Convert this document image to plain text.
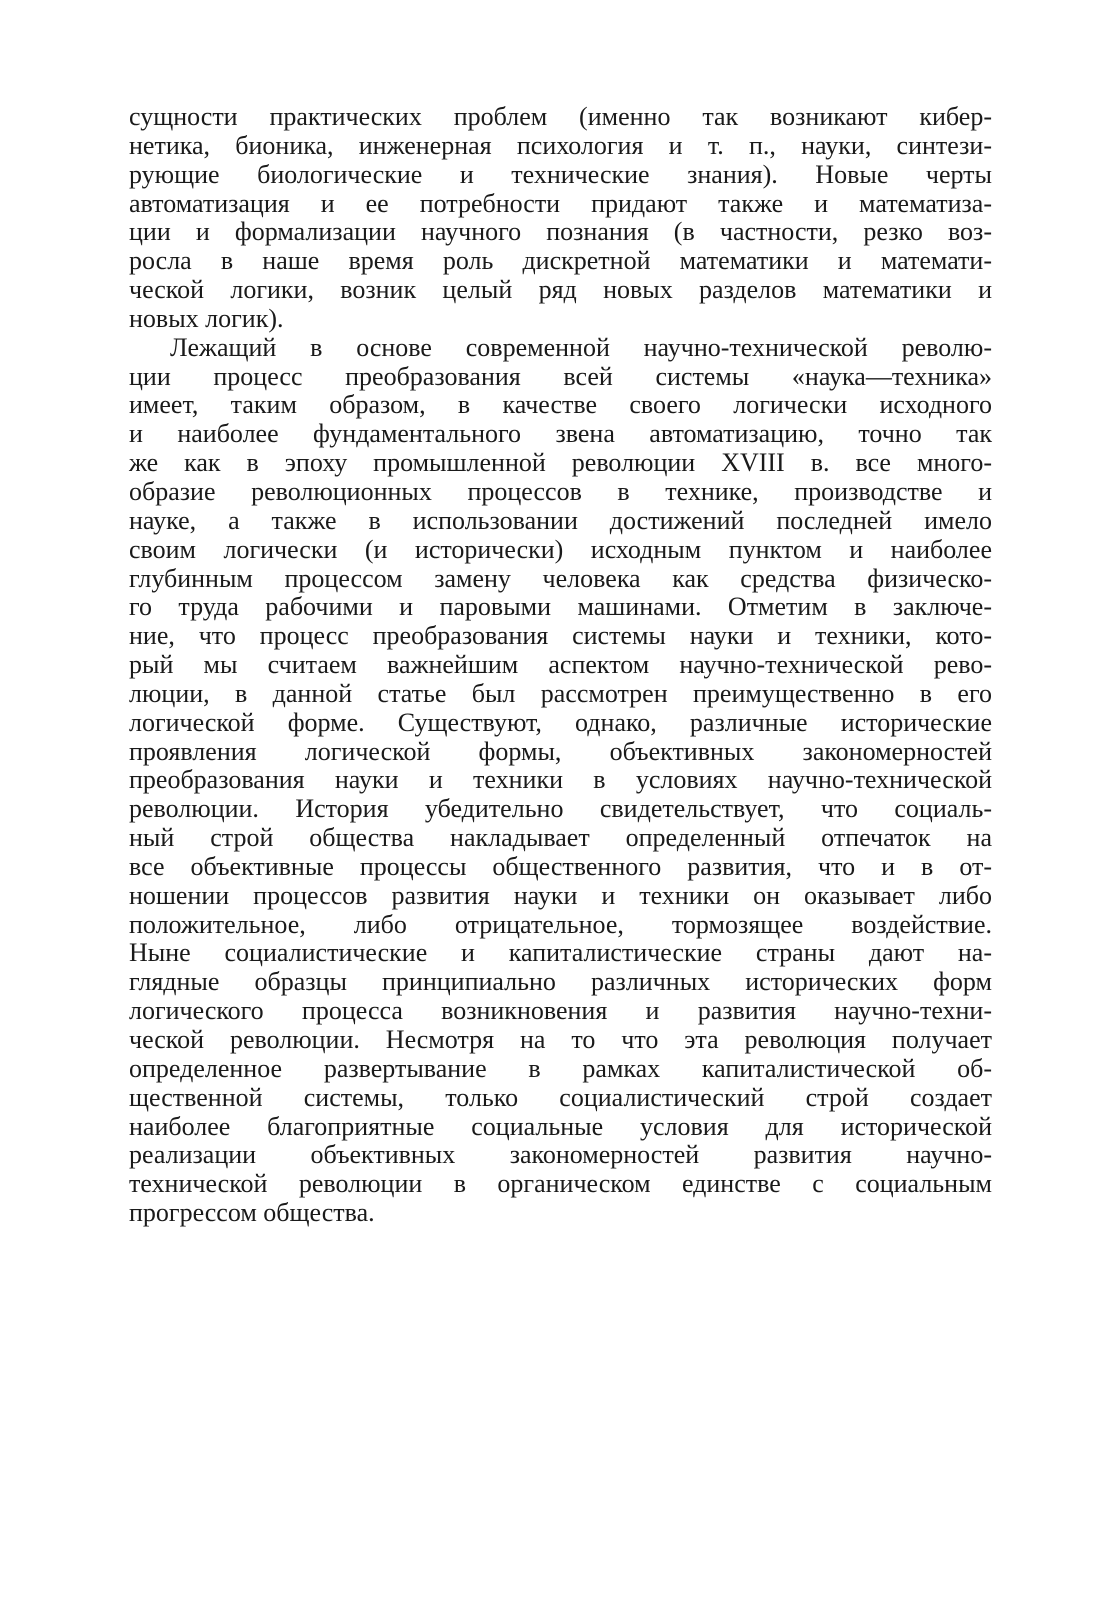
сущности практических проблем (именно так возникают кибер-
нетика, бионика, инженерная психология и т. п., науки, синтези-
рующие биологические и технические знания). Новые черты
автоматизация и ее потребности придают также и математиза-
ции и формализации научного познания (в частности, резко воз-
росла в наше время роль дискретной математики и математи-
ческой логики, возник целый ряд новых разделов математики и
новых логик).
Лежащий в основе современной научно-технической револю-
ции процесс преобразования всей системы «наука—техника»
имеет, таким образом, в качестве своего логически исходного
и наиболее фундаментального звена автоматизацию, точно так
же как в эпоху промышленной революции XVIII в. все много-
образие революционных процессов в технике, производстве и
науке, а также в использовании достижений последней имело
своим логически (и исторически) исходным пунктом и наиболее
глубинным процессом замену человека как средства физическо-
го труда рабочими и паровыми машинами. Отметим в заключе-
ние, что процесс преобразования системы науки и техники, кото-
рый мы считаем важнейшим аспектом научно-технической рево-
люции, в данной статье был рассмотрен преимущественно в его
логической форме. Существуют, однако, различные исторические
проявления логической формы, объективных закономерностей
преобразования науки и техники в условиях научно-технической
революции. История убедительно свидетельствует, что социаль-
ный строй общества накладывает определенный отпечаток на
все объективные процессы общественного развития, что и в от-
ношении процессов развития науки и техники он оказывает либо
положительное, либо отрицательное, тормозящее воздействие.
Ныне социалистические и капиталистические страны дают на-
глядные образцы принципиально различных исторических форм
логического процесса возникновения и развития научно-техни-
ческой революции. Несмотря на то что эта революция получает
определенное развертывание в рамках капиталистической об-
щественной системы, только социалистический строй создает
наиболее благоприятные социальные условия для исторической
реализации объективных закономерностей развития научно-
технической революции в органическом единстве с социальным
прогрессом общества.
